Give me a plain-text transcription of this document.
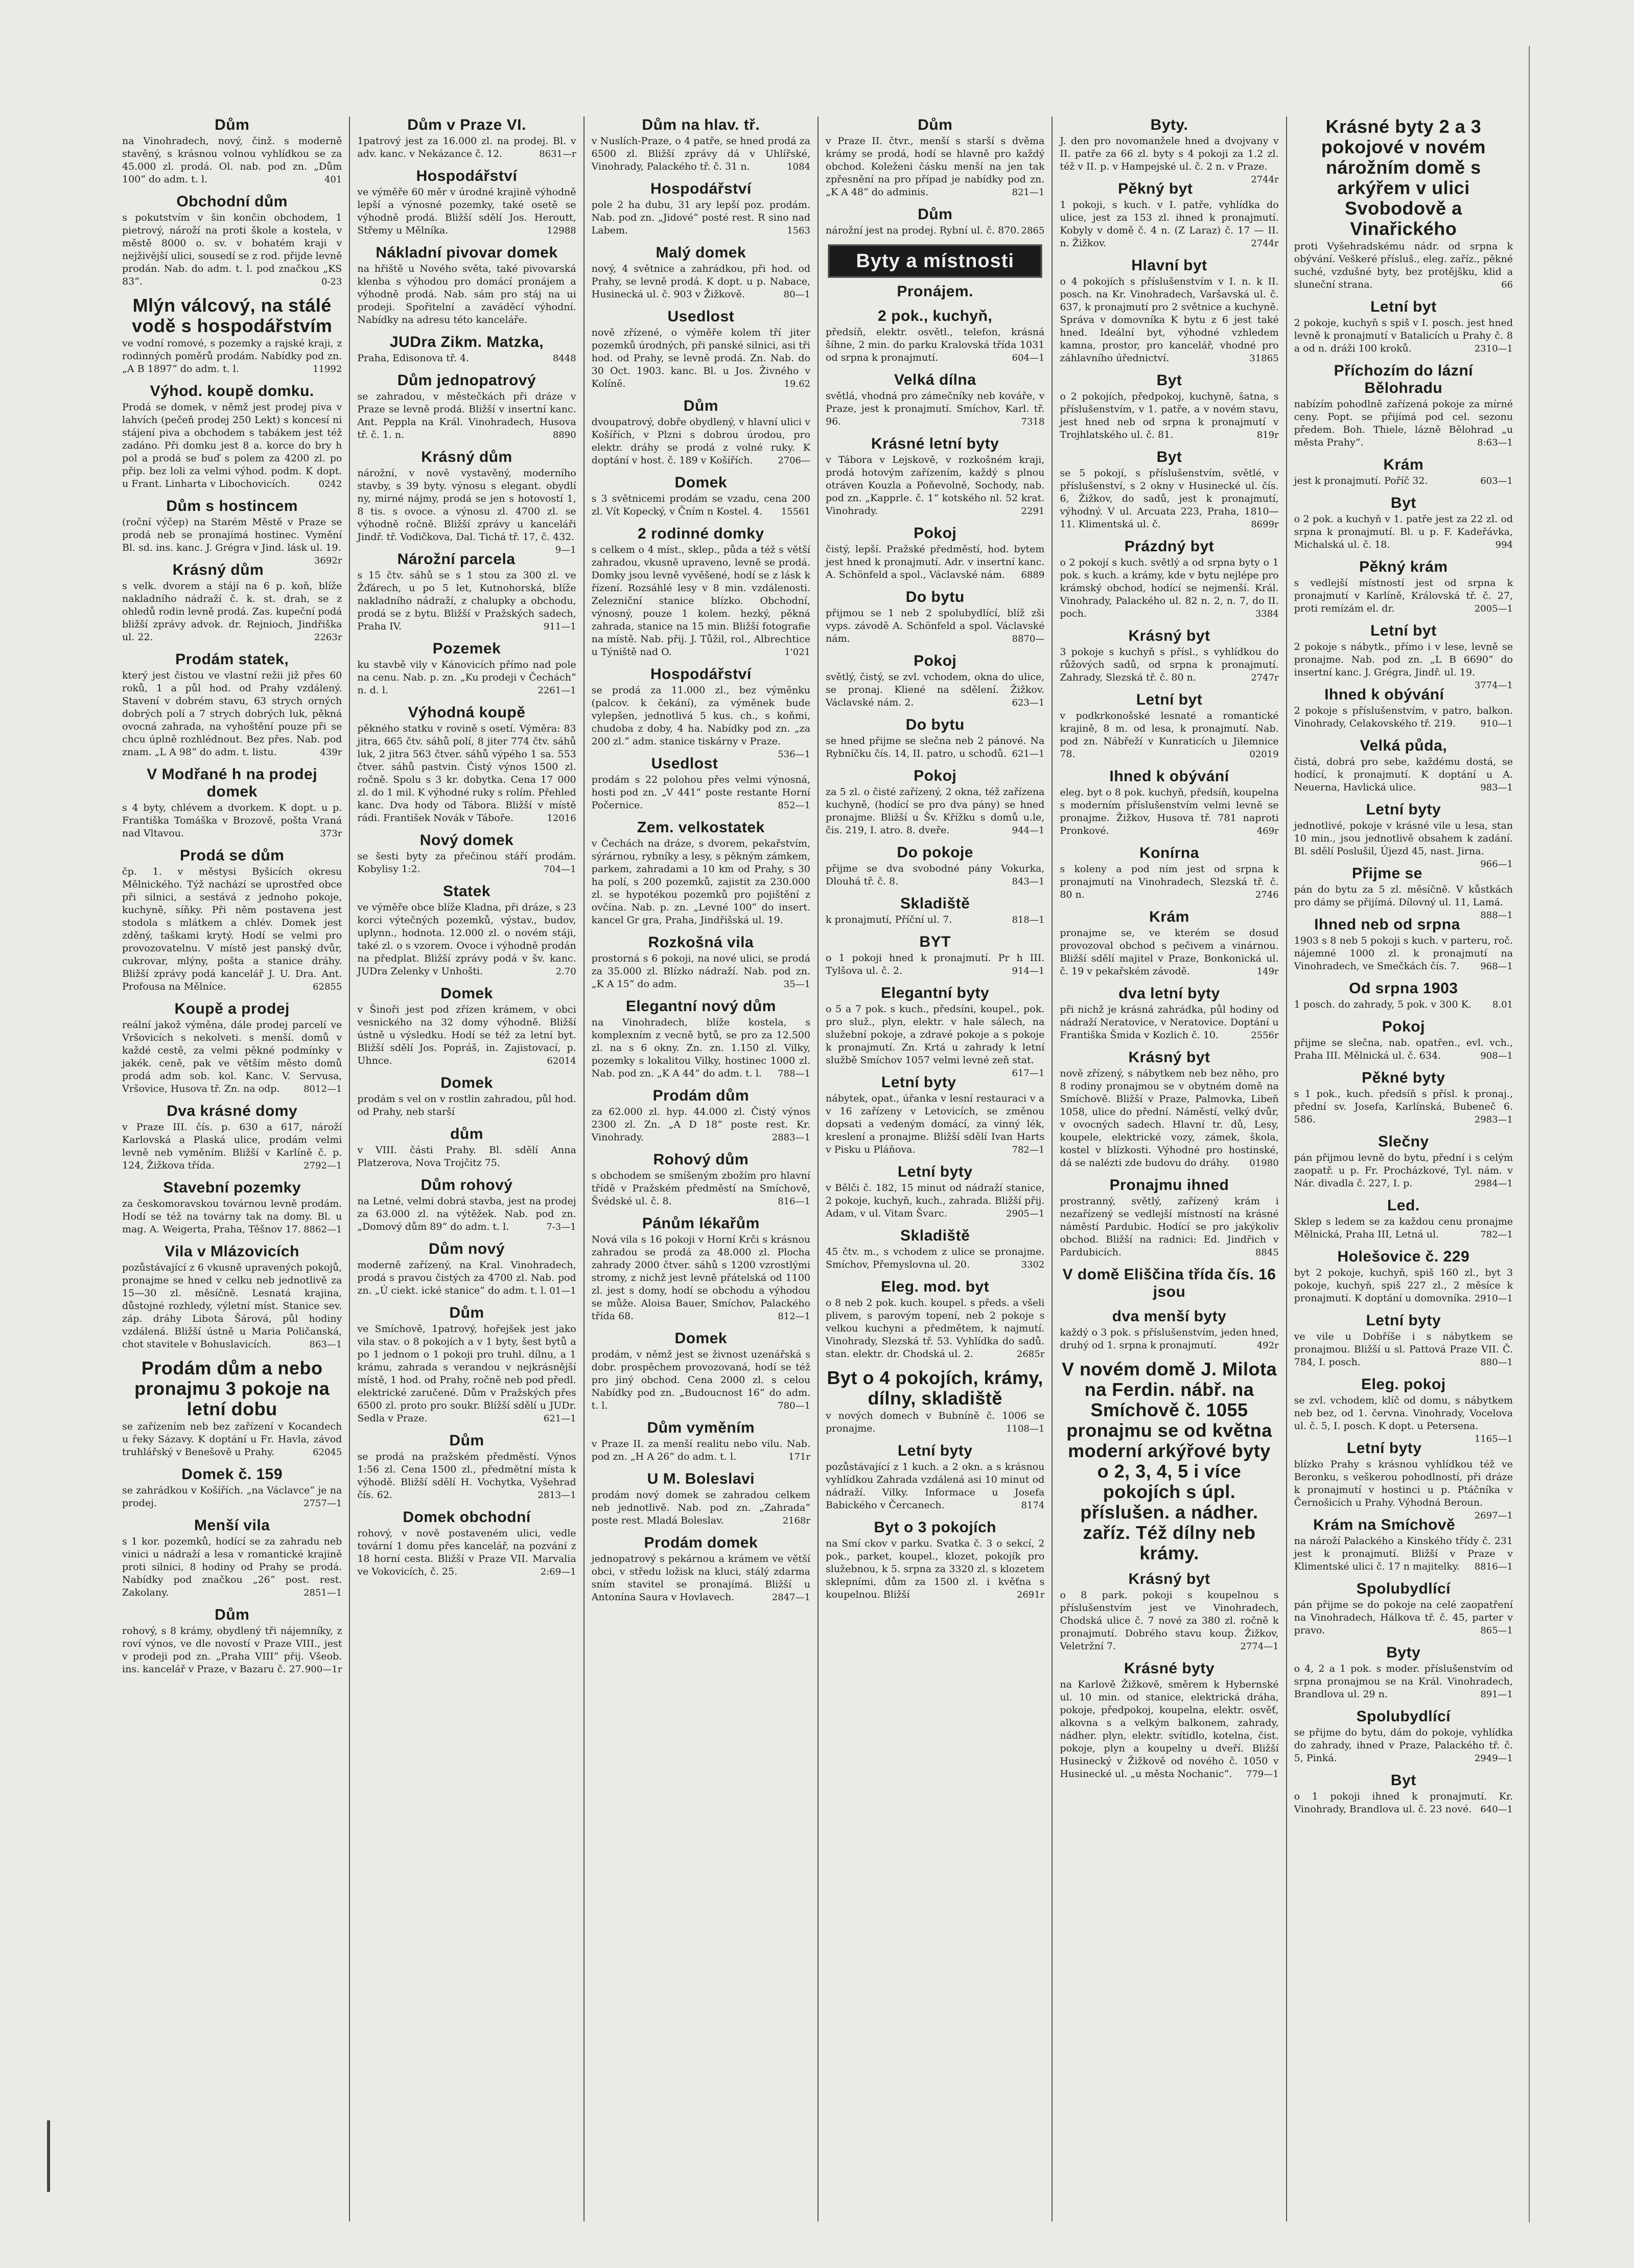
Dům

na Vinohradech, nový, činž. s moderně stavěný, s krásnou volnou vyhlídkou se za 45.000 zl. prodá. Ol. nab. pod zn. „Dům 100“ do adm. t. l.	401

Obchodní dům

s pokutstvím v šin končin obchodem, 1 pietrový, nároží na proti škole a kostela, v městě 8000 o. sv. v bohatém kraji v nejživější ulici, sousedí se z rod. přijde levně prodán. Nab. do adm. t. l. pod značkou „KS 83“.	0-23

Mlýn válcový, na stálé vodě s hospodářstvím

ve vodní romové, s pozemky a rajské kraji, z rodinných poměrů prodám. Nabídky pod zn. „A B 1897“ do adm. t. l.	11992

Výhod. koupě domku.

Prodá se domek, v němž jest prodej piva v lahvích (pečeň prodej 250 Lekt) s koncesí ni stájení piva a obchodem s tabákem jest též zadáno. Při domku jest 8 a. korce do bry h pol a prodá se buď s polem za 4200 zl. po přip. bez loli za velmi výhod. podm. K dopt. u Frant. Linharta v Libochovicích.	0242

Dům s hostincem

(roční výčep) na Starém Městě v Praze se prodá neb se pronajímá hostinec. Vymění Bl. sd. ins. kanc. J. Grégra v Jind. lásk ul. 19.
3692r

Krásný dům

s velk. dvorem a stájí na 6 p. koň, blíže nakladního nádraží č. k. st. drah, se z ohledů rodin levně prodá. Zas. kupeční podá bližší zprávy advok. dr. Rejnioch, Jindřiška ul. 22.	2263r

Prodám statek,

který jest čistou ve vlastní režii již přes 60 roků, 1 a půl hod. od Prahy vzdálený. Stavení v dobrém stavu, 63 strych orných dobrých polí a 7 strych dobrých luk, pěkná ovocná zahrada, na vyhoštění pouze při se chcu úplně rozhlédnout. Bez přes. Nab. pod znam. „L A 98“ do adm. t. listu.	439r

V Modřané h na prodej domek

s 4 byty, chlévem a dvorkem. K dopt. u p. Františka Tomáška v Brozově, pošta Vraná nad Vltavou.	373r

Prodá se dům

čp. 1. v městysi Byšicích okresu Mělnického. Týž nachází se uprostřed obce při silnici, a sestává z jednoho pokoje, kuchyně, síňky. Při něm postavena jest stodola s mlátkem a chlév. Domek jest zděný, taškami krytý. Hodí se velmi pro provozovatelnu. V místě jest panský dvůr, cukrovar, mlýny, pošta a stanice dráhy. Bližší zprávy podá kancelář J. U. Dra. Ant. Profousa na Mělníce.	62855

Koupě a prodej

reální jakož výměna, dále prodej parcelí ve Vršovicích s nekolveti. s menší. domů v každé cestě, za velmi pěkné podmínky v jakék. ceně, pak ve větším město domů prodá adm sob. kol. Kanc. V. Servusa, Vršovice, Husova tř. Zn. na odp.	8012—1

Dva krásné domy

v Praze III. čís. p. 630 a 617, nároží Karlovská a Plaská ulice, prodám velmi levně neb vyměním. Bližší v Karlíně č. p. 124, Žižkova třída.	2792—1

Stavební pozemky

za českomoravskou továrnou levně prodám. Hodí se též na továrny tak na domy. Bl. u mag. A. Weigerta, Praha, Těšnov 17. 8862—1

Vila v Mlázovicích

pozůstávající z 6 vkusně upravených pokojů, pronajme se hned v celku neb jednotlivě za 15—30 zl. měsíčně. Lesnatá krajina, důstojné rozhledy, výletní míst. Stanice sev. záp. dráhy Libota Šárová, půl hodiny vzdálená. Bližší ústně u Maria Poličanská, chot stavitele v Bohuslavicích.	863—1

Prodám dům a nebo pronajmu 3 pokoje na letní dobu

se zařízením neb bez zařízení v Kocandech u řeky Sázavy. K doptání u Fr. Havla, závod truhlářský v Benešově u Prahy.	62045

Domek č. 159

se zahrádkou v Košířích. „na Václavce“ je na prodej.	2757—1

Menší vila

s 1 kor. pozemků, hodící se za zahradu neb vinici u nádraží a lesa v romantické krajině proti silnici, 8 hodiny od Prahy se prodá. Nabídky pod značkou „26“ post. rest. Zakolany.	2851—1

Dům

rohový, s 8 krámy, obydlený tři nájemníky, z roví výnos, ve dle novostí v Praze VIII., jest v prodeji pod zn. „Praha VIII“ přij. Všeob. ins. kancelář v Praze, v Bazaru č. 27. 900—1r

Dům v Praze VI.

1patrový jest za 16.000 zl. na prodej. Bl. v adv. kanc. v Nekázance č. 12.	8631—r

Hospodářství

ve výměře 60 měr v úrodné krajině výhodně lepší a výnosné pozemky, také osetě se výhodně prodá. Bližší sdělí Jos. Heroutt, Střemy u Mělníka.	12988

Nákladní pivovar domek

na hřiště u Nového světa, také pivovarská klenba s výhodou pro domácí pronájem a výhodně prodá. Nab. sám pro stáj na ui prodeji. Spořitelní a zaváděcí výhodní. Nabídky na adresu této kanceláře.

JUDra Zikm. Matzka,

Praha, Edisonova tř. 4.	8448

Dům jednopatrový

se zahradou, v městečkách při dráze v Praze se levně prodá. Bližší v insertní kanc. Ant. Peppla na Král. Vinohradech, Husova tř. č. 1. n.	8890

Krásný dům

nárožní, v nově vystavěný, moderního stavby, s 39 byty. výnosu s elegant. obydlí ny, mirné nájmy, prodá se jen s hotovostí 1, 8 tis. s ovoce. a výnosu zl. 4700 zl. se výhodně ročně. Bližší zprávy u kanceláři Jindř. tř. Vodičkova, Dal. Tichá tř. 17, č. 432.
9—1

Nárožní parcela

s 15 čtv. sáhů se s 1 stou za 300 zl. ve Žďárech, u po 5 let, Kutnohorská, blíže nakladního nádraží, z chalupky a obchodu, prodá se z bytu. Bližší v Pražských sadech, Praha IV.	911—1

Pozemek

ku stavbě vily v Kánovicích přímo nad pole na cenu. Nab. p. zn. „Ku prodeji v Čechách“ n. d. l.	2261—1

Výhodná koupě

pěkného statku v rovině s osetí. Výměra: 83 jitra, 665 čtv. sáhů polí, 8 jiter 774 čtv. sáhů luk, 2 jitra 563 čtver. sáhů výpého 1 sa. 553 čtver. sáhů pastvin. Čistý výnos 1500 zl. ročně. Spolu s 3 kr. dobytka. Cena 17 000 zl. do 1 mil. K výhodné ruky s rolím. Přehled kanc. Dva hody od Tábora. Bližší v místě rádi. František Novák v Táboře.	12016

Nový domek

se šesti byty za přečinou stáří prodám. Kobylisy 1:2.	704—1

Statek

ve výměře obce blíže Kladna, při dráze, s 23 korci výtečných pozemků, výstav., budov, uplynn., hodnota. 12.000 zl. o novém stáji, také zl. o s vzorem. Ovoce i výhodně prodán na předplat. Bližší zprávy podá v šv. kanc. JUDra Zelenky v Unhošti.	2.70

Domek

v Šinoři jest pod zřízen krámem, v obci vesnického na 32 domy výhodně. Bližší ústně u výsledku. Hodí se též za letní byt. Bližší sdělí Jos. Popráš, in. Zajistovací, p. Uhnce.	62014

Domek

prodám s vel on v rostlin zahradou, půl hod. od Prahy, neb starší

dům

v VIII. části Prahy. Bl. sdělí Anna Platzerova, Nova Trojčitz 75.

Dům rohový

na Letné, velmi dobrá stavba, jest na prodej za 63.000 zl. na výtěžek. Nab. pod zn. „Domový dům 89“ do adm. t. l.	7-3—1

Dům nový

moderně zařízený, na Kral. Vinohradech, prodá s pravou čistých za 4700 zl. Nab. pod zn. „Ú ciekt. ické stanice“ do adm. t. l. 01—1

Dům

ve Smíchově, 1patrový, hořejšek jest jako vila stav. o 8 pokojích a v 1 byty, šest bytů a po 1 jednom o 1 pokoji pro truhl. dílnu, a 1 krámu, zahrada s verandou v nejkrásnější místě, 1 hod. od Prahy, ročně neb pod předl. elektrické zaručené. Dům v Pražských přes 6500 zl. proto pro soukr. Blížší sdělí u JUDr. Sedla v Praze.	621—1

Dům

se prodá na pražském předměstí. Výnos 1:56 zl. Cena 1500 zl., předmětní místa k výhodě. Bližší sdělí H. Vochytka, Vyšehrad čís. 62.	2813—1

Domek obchodní

rohový, v nově postaveném ulici, vedle tovární 1 domu přes kancelář, na pozvání z 18 horní cesta. Bližší v Praze VII. Marvalia ve Vokovicích, č. 25.	2:69—1

Dům na hlav. tř.

v Nuslích-Praze, o 4 patře, se hned prodá za 6500 zl. Bližší zprávy dá v Uhlířské, Vinohrady, Palackého tř. č. 31 n.	1084

Hospodářství

pole 2 ha dubu, 31 ary lepší poz. prodám. Nab. pod zn. „Jidové“ posté rest. R sino nad Labem.	1563

Malý domek

nový, 4 světnice a zahrádkou, při hod. od Prahy, se levně prodá. K dopt. u p. Nabace, Husinecká ul. č. 903 v Žižkově.	80—1

Usedlost

nově zřízené, o výměře kolem tří jiter pozemků úrodných, při panské silnici, asi tři hod. od Prahy, se levně prodá. Zn. Nab. do 30 Oct. 1903. kanc. Bl. u Jos. Živného v Kolíně.	19.62

Dům

dvoupatrový, dobře obydlený, v hlavní ulici v Košířích, v Plzni s dobrou úrodou, pro elektr. dráhy se prodá z volné ruky. K doptání v host. č. 189 v Košířích.	2706—

Domek

s 3 světnicemi prodám se vzadu, cena 200 zl. Vít Kopecký, v Čním n Kostel. 4. 15561

2 rodinné domky

s celkem o 4 míst., sklep., půda a též s větší zahradou, vkusně upraveno, levně se prodá. Domky jsou levně vyvěšené, hodí se z lásk k řízení. Rozsáhlé lesy v 8 min. vzdálenosti. Zelezniční stanice blízko. Obchodní, výnosný, pouze 1 kolem. hezký, pěkná zahrada, stanice na 15 min. Bližší fotografie na místě. Nab. přij. J. Tůžil, rol., Albrechtice u Týniště nad O.	1'021

Hospodářství

se prodá za 11.000 zl., bez výměnku (palcov. k čekání), za výměnek bude vylepšen, jednotlivá 5 kus. ch., s koňmi, chudoba z doby, 4 ha. Nabídky pod zn. „za 200 zl.“ adm. stanice tiskárny v Praze.
536—1

Usedlost

prodám s 22 polohou přes velmi výnosná, hosti pod zn. „V 441“ poste restante Horní Počernice.	852—1

Zem. velkostatek

v Čechách na dráze, s dvorem, pekařstvím, sýrárnou, rybníky a lesy, s pěkným zámkem, parkem, zahradami a 10 km od Prahy, s 30 ha polí, s 200 pozemků, zajistit za 230.000 zl. se hypotékou pozemků pro pojištění z ovčína. Nab. p. zn. „Levné 100“ do insert. kancel Gr gra, Praha, Jindřišská ul. 19.

Rozkošná vila

prostorná s 6 pokoji, na nové ulici, se prodá za 35.000 zl. Blízko nádraží. Nab. pod zn. „K A 15“ do adm.	35—1

Elegantní nový dům

na Vinohradech, blíže kostela, s komplexním z vecně bytů, se pro za 12.500 zl. na s 6 okny. Zn. zn. 1.150 zl. Vilky, pozemky s lokalitou Vilky, hostinec 1000 zl. Nab. pod zn. „K A 44“ do adm. t. l. 788—1

Prodám dům

za 62.000 zl. hyp. 44.000 zl. Čistý výnos 2300 zl. Zn. „A D 18“ poste rest. Kr. Vinohrady.	2883—1

Rohový dům

s obchodem se smíšeným zbožím pro hlavní třídě v Pražském předměstí na Smíchově, Švédské ul. č. 8.	816—1

Pánům lékařům

Nová vila s 16 pokoji v Horní Krči s krásnou zahradou se prodá za 48.000 zl. Plocha zahrady 2000 čtver. sáhů s 1200 vzrostlými stromy, z nichž jest levně přátelská od 1100 zl. jest s domy, hodí se obchodu a výhodou se může. Aloisa Bauer, Smíchov, Palackého třída 68.	812—1

Domek

prodám, v němž jest se živnost uzenářská s dobr. prospěchem provozovaná, hodí se též pro jiný obchod. Cena 2000 zl. s celou Nabídky pod zn. „Budoucnost 16“ do adm. t. l.	780—1

Dům vyměním

v Praze II. za menší realitu nebo vilu. Nab. pod zn. „H A 26“ do adm. t. l.	171r

U M. Boleslavi

prodám nový domek se zahradou celkem neb jednotlivě. Nab. pod zn. „Zahrada“ poste rest. Mladá Boleslav.	2168r

Prodám domek

jednopatrový s pekárnou a krámem ve větší obci, v středu ložisk na kluci, stálý zdarma sním stavitel se pronajímá. Bližší u Antonína Saura v Hovlavech.	2847—1

Dům

v Praze II. čtvr., menší s starší s dvěma krámy se prodá, hodí se hlavně pro každý obchod. Koleženi čásku menší na jen tak zpřesnění na pro případ je nabídky pod zn. „K A 48“ do adminis.	821—1

Dům

nárožní jest na prodej. Rybní ul. č. 870. 2865

Byty a místnosti
Pronájem.
2 pok., kuchyň,

předsíň, elektr. osvětl., telefon, krásná šíhne, 2 min. do parku Kralovská třída 1031 od srpna k pronajmutí.	604—1

Velká dílna

světlá, vhodná pro zámečníky neb kováře, v Praze, jest k pronajmutí. Smíchov, Karl. tř. 96.	7318

Krásné letní byty

v Tábora v Lejskově, v rozkošném kraji, prodá hotovým zařízením, každý s plnou otráven Kouzla a Poňevolně, Sochody, nab. pod zn. „Kapprle. č. 1“ kotského nl. 52 krat. Vinohrady.	2291

Pokoj

čistý, lepší. Pražské předměstí, hod. bytem jest hned k pronajmutí. Adr. v insertní kanc. A. Schönfeld a spol., Václavské nám. 6889

Do bytu

přijmou se 1 neb 2 spolubydlící, blíž zši vyps. závodě A. Schönfeld a spol. Václavské nám.	8870—

Pokoj

světlý, čistý, se zvl. vchodem, okna do ulice, se pronaj. Kliené na sdělení. Žižkov. Václavské nám. 2.	623—1

Do bytu

se hned přijme se slečna neb 2 pánové. Na Rybníčku čís. 14, II. patro, u schodů. 621—1

Pokoj

za 5 zl. o čisté zařízený, 2 okna, též zařízena kuchyně, (hodící se pro dva pány) se hned pronajme. Bližší u Šv. Křížku s domů u.le, čis. 219, I. atro. 8. dveře.	944—1

Do pokoje

přijme se dva svobodné pány Vokurka, Dlouhá tř. č. 8.	843—1

Skladiště

k pronajmutí, Příční ul. 7.	818—1

BYT

o 1 pokoji hned k pronajmutí. Pr h III. Tylšova ul. č. 2.	914—1

Elegantní byty

o 5 a 7 pok. s kuch., předsíni, koupel., pok. pro služ., plyn, elektr. v hale sálech, na služební pokoje, a zdravé pokoje a s pokoje k pronajmutí. Zn. Krtá u zahrady k letní službě Smíchov 1057 velmi levné zeň stat.
617—1

Letní byty

nábytek, opat., úřanka v lesní restauraci v a v 16 zařízeny v Letovicích, se změnou dopsati a vedeným domácí, za vinný lék, kreslení a pronajme. Bližší sdělí Ivan Harts v Pisku u Pláňova.	782—1

Letní byty

v Bělči č. 182, 15 minut od nádraží stanice, 2 pokoje, kuchyň, kuch., zahrada. Bližší přij. Adam, v ul. Vitam Švarc.	2905—1

Skladiště

45 čtv. m., s vchodem z ulice se pronajme. Smíchov, Přemyslovna ul. 20.	3302

Eleg. mod. byt

o 8 neb 2 pok. kuch. koupel. s předs. a všeli plivem, s parovým topení, neb 2 pokoje s velkou kuchyni a předmětem, k najmutí. Vinohrady, Slezská tř. 53. Vyhlídka do sadů. stan. elektr. dr. Chodská ul. 2.	2685r

Byt o 4 pokojích, krámy, dílny, skladiště

v nových domech v Bubníně č. 1006 se pronajme.	1108—1

Letní byty

pozůstávající z 1 kuch. a 2 okn. a s krásnou vyhlídkou Zahrada vzdálená asi 10 minut od nádraží. Vilky. Informace u Josefa Babického v Čercanech.	8174

Byt o 3 pokojích

na Smí ckov v parku. Svatka č. 3 o sekcí, 2 pok., parket, koupel., klozet, pokojík pro služebnou, k 5. srpna za 3320 zl. s klozetem sklepními, dům za 1500 zl. i kvěťna s koupelnou. Bližší	2691r

Byty.

J. den pro novomanžele hned a dvojvany v II. patře za 66 zl. byty s 4 pokoji za 1.2 zl. též v II. p. v Hampejské ul. č. 2 n. v Praze.
2744r

Pěkný byt

1 pokoji, s kuch. v I. patře, vyhlídka do ulice, jest za 153 zl. ihned k pronajmutí. Kobyly v domě č. 4 n. (Z Laraz) č. 17 — II. n. Žižkov.	2744r

Hlavní byt

o 4 pokojích s příslušenstvím v I. n. k II. posch. na Kr. Vinohradech, Varšavská ul. č. 637, k pronajmutí pro 2 světnice a kuchyně. Správa v domovníka K bytu z 6 jest také hned. Ideální byt, výhodné vzhledem kamna, prostor, pro kancelář, vhodné pro záhlavního úřednictví.	31865

Byt

o 2 pokojích, předpokoj, kuchyně, šatna, s příslušenstvím, v 1. patře, a v novém stavu, jest hned neb od srpna k pronajmutí v Trojhlatského ul. č. 81.	819r

Byt

se 5 pokojí, s příslušenstvím, světlé, v příslušenství, s 2 okny v Husinecké ul. čís. 6, Žižkov, do sadů, jest k pronajmutí, výhodný. V ul. Arcuata 223, Praha, 1810—11. Klimentská ul. č.	8699r

Prázdný byt

o 2 pokojí s kuch. světlý a od srpna byty o 1 pok. s kuch. a krámy, kde v bytu nejlépe pro krámský obchod, hodící se nejmenší. Král. Vinohrady, Palackého ul. 82 n. 2, n. 7, do II. poch.	3384

Krásný byt

3 pokoje s kuchyň s přísl., s vyhlídkou do růžových sadů, od srpna k pronajmutí. Zahrady, Slezská tř. č. 80 n.	2747r

Letní byt

v podkrkonošské lesnaté a romantické krajině, 8 m. od lesa, k pronajmutí. Nab. pod zn. Nábřeží v Kunraticích u Jilemnice 78.	02019

Ihned k obývání

eleg. byt o 8 pok. kuchyň, předsíň, koupelna s moderním příslušenstvím velmi levně se pronajme. Žižkov, Husova tř. 781 naproti Pronkové.	469r

Konírna

s koleny a pod ním jest od srpna k pronajmutí na Vinohradech, Slezská tř. č. 80 n.	2746

Krám

pronajme se, ve kterém se dosud provozoval obchod s pečivem a vinárnou. Bližší sdělí majitel v Praze, Bonkonická ul. č. 19 v pekařském závodě.	149r

dva letní byty

při nichž je krásná zahrádka, půl hodiny od nádraží Neratovice, v Neratovice. Doptání u Františka Šmida v Kozlich č. 10.	2556r

Krásný byt

nově zřízený, s nábytkem neb bez něho, pro 8 rodiny pronajmou se v obytném domě na Smíchově. Bližší v Praze, Palmovka, Libeň 1058, ulice do přední. Náměstí, velký dvůr, v ovocných sadech. Hlavní tr. dů, Lesy, koupele, elektrické vozy, zámek, škola, kostel v blízkosti. Výhodné pro hostinské, dá se nalézti zde budovu do dráhy. 01980

Pronajmu ihned

prostranný, světlý, zařízený krám i nezařízený se vedlejší místností na krásné náměstí Pardubic. Hodící se pro jakýkoliv obchod. Bližší na radnici: Ed. Jindřich v Pardubicích.	8845

V domě Eliščina třída čís. 16 jsou
dva menší byty

každý o 3 pok. s příslušenstvím, jeden hned, druhý od 1. srpna k pronajmutí.	492r

V novém domě J. Milota na Ferdin. nábř. na Smíchově č. 1055 pronajmu se od května moderní arkýřové byty o 2, 3, 4, 5 i více pokojích s úpl. příslušen. a nádher. zaříz. Též dílny neb krámy.
Krásný byt

o 8 park. pokoji s koupelnou s příslušenstvím jest ve Vinohradech, Chodská ulice č. 7 nové za 380 zl. ročně k pronajmutí. Dobrého stavu koup. Žižkov, Veletržní 7.	2774—1

Krásné byty

na Karlově Žižkově, směrem k Hybernské ul. 10 min. od stanice, elektrická dráha, pokoje, předpokoj, koupelna, elektr. osvěť, alkovna s a velkým balkonem, zahrady, nádher. plyn, elektr. svítidlo, kotelna, čist. pokoje, plyn a koupelny u dveří. Bližší Husinecký v Žižkově od nového č. 1050 v Husinecké ul. „u města Nochanic“. 779—1

Krásné byty 2 a 3 pokojové v novém nárožním domě s arkýřem v ulici Svobodově a Vinařického

proti Vyšehradskému nádr. od srpna k obývání. Veškeré přísluš., eleg. zaříz., pěkné suché, vzdušné byty, bez protějšku, klid a sluneční strana.	66

Letní byt

2 pokoje, kuchyň s spiš v I. posch. jest hned levně k pronajmutí v Batalicích u Prahy č. 8 a od n. dráži 100 kroků.	2310—1

Příchozím do lázní Bělohradu

nabízím pohodlně zařízená pokoje za mírné ceny. Popt. se přijímá pod cel. sezonu předem. Boh. Thiele, lázně Bělohrad „u města Prahy“.	8:63—1

Krám

jest k pronajmutí. Poříč 32.	603—1

Byt

o 2 pok. a kuchyň v 1. patře jest za 22 zl. od srpna k pronajmutí. Bl. u p. F. Kadeřávka, Michalská ul. č. 18.	994

Pěkný krám

s vedlejší místností jest od srpna k pronajmutí v Karlíně, Královská tř. č. 27, proti remízám el. dr.	2005—1

Letní byt

2 pokoje s nábytk., přímo i v lese, levně se pronajme. Nab. pod zn. „L B 6690“ do insertní kanc. J. Grégra, Jindř. ul. 19.
3774—1

Ihned k obývání

2 pokoje s příslušenstvím, v patro, balkon. Vinohrady, Celakovského tř. 219.	910—1

Velká půda,

čistá, dobrá pro sebe, každému dostá, se hodící, k pronajmutí. K doptání u A. Neuerna, Havlická ulice.	983—1

Letní byty

jednotlivé, pokoje v krásné vile u lesa, stan 10 min., jsou jednotlivě obsahem k zadání. Bl. sdělí Poslušil, Újezd 45, nast. Jirna.
966—1

Přijme se

pán do bytu za 5 zl. měsíčně. V kůstkách pro dámy se přijímá. Dílovný ul. 11, Lamá.
888—1

Ihned neb od srpna

1903 s 8 neb 5 pokoji s kuch. v parteru, roč. nájemné 1000 zl. k pronajmutí na Vinohradech, ve Smečkách čís. 7. 968—1

Od srpna 1903

1 posch. do zahrady, 5 pok. v 300 K. 8.01

Pokoj

přijme se slečna, nab. opatřen., evl. vch., Praha III. Mělnická ul. č. 634.	908—1

Pěkné byty

s 1 pok., kuch. předsíň s přísl. k pronaj., přední sv. Josefa, Karlínská, Bubeneč 6. 586.	2983—1

Slečny

pán přijmou levně do bytu, přední i s celým zaopatř. u p. Fr. Procházkové, Tyl. nám. v Nár. divadla č. 227, I. p.	2984—1

Led.

Sklep s ledem se za každou cenu pronajme Mělnická, Praha III, Letná ul.	782—1

Holešovice č. 229

byt 2 pokoje, kuchyň, spiš 160 zl., byt 3 pokoje, kuchyň, spiš 227 zl., 2 měsíce k pronajmutí. K doptání u domovníka. 2910—1

Letní byty

ve vile u Dobříše i s nábytkem se pronajmou. Bližší u sl. Pattová Praze VII. Č. 784, I. posch.	880—1

Eleg. pokoj

se zvl. vchodem, klíč od domu, s nábytkem neb bez, od 1. června. Vinohrady, Vocelova ul. č. 5, I. posch. K dopt. u Petersena.
1165—1

Letní byty

blízko Prahy s krásnou vyhlídkou též ve Beronku, s veškerou pohodlností, při dráze k pronajmutí v hostinci u p. Ptáčníka v Černošicích u Prahy. Výhodná Beroun.
2697—1

Krám na Smíchově

na nároží Palackého a Kinského třídy č. 231 jest k pronajmutí. Bližší v Praze v Klimentské ulici č. 17 n majitelky. 8816—1

Spolubydlící

pán přijme se do pokoje na celé zaopatření na Vinohradech, Hálkova tř. č. 45, parter v pravo.	865—1

Byty

o 4, 2 a 1 pok. s moder. příslušenstvím od srpna pronajmou se na Král. Vinohradech, Brandlova ul. 29 n.	891—1

Spolubydlící

se přijme do bytu, dám do pokoje, vyhlídka do zahrady, ihned v Praze, Palackého tř. č. 5, Pinká.	2949—1

Byt

o 1 pokoji ihned k pronajmutí. Kr. Vinohrady, Brandlova ul. č. 23 nové. 640—1
